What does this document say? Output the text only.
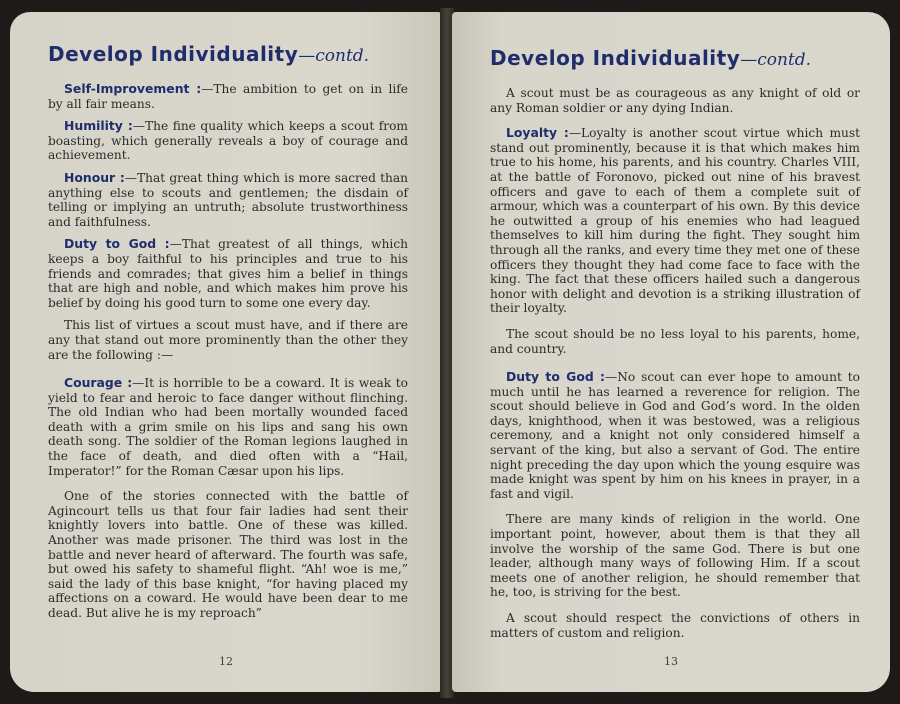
Develop Individuality—contd.

Self-Improvement :—The ambition to get on in life by all fair means.

Humility :—The fine quality which keeps a scout from boasting, which generally reveals a boy of courage and achievement.

Honour :—That great thing which is more sacred than anything else to scouts and gentlemen; the disdain of telling or implying an untruth; absolute trustworthiness and faithfulness.

Duty to God :—That greatest of all things, which keeps a boy faithful to his principles and true to his friends and comrades; that gives him a belief in things that are high and noble, and which makes him prove his belief by doing his good turn to some one every day.

This list of virtues a scout must have, and if there are any that stand out more prominently than the other they are the following :—

Courage :—It is horrible to be a coward. It is weak to yield to fear and heroic to face danger without flinching. The old Indian who had been mortally wounded faced death with a grim smile on his lips and sang his own death song. The soldier of the Roman legions laughed in the face of death, and died often with a “Hail, Imperator!” for the Roman Cæsar upon his lips.

One of the stories connected with the battle of Agincourt tells us that four fair ladies had sent their knightly lovers into battle. One of these was killed. Another was made prisoner. The third was lost in the battle and never heard of afterward. The fourth was safe, but owed his safety to shameful flight. “Ah! woe is me,” said the lady of this base knight, “for having placed my affections on a coward. He would have been dear to me dead. But alive he is my reproach”

12
Develop Individuality—contd.

A scout must be as courageous as any knight of old or any Roman soldier or any dying Indian.

Loyalty :—Loyalty is another scout virtue which must stand out prominently, because it is that which makes him true to his home, his parents, and his country. Charles VIII, at the battle of Foronovo, picked out nine of his bravest officers and gave to each of them a complete suit of armour, which was a counterpart of his own. By this device he outwitted a group of his enemies who had leagued themselves to kill him during the fight. They sought him through all the ranks, and every time they met one of these officers they thought they had come face to face with the king. The fact that these officers hailed such a dangerous honor with delight and devotion is a striking illustration of their loyalty.

The scout should be no less loyal to his parents, home, and country.

Duty to God :—No scout can ever hope to amount to much until he has learned a reverence for religion. The scout should believe in God and God’s word. In the olden days, knighthood, when it was bestowed, was a religious ceremony, and a knight not only considered himself a servant of the king, but also a servant of God. The entire night preceding the day upon which the young esquire was made knight was spent by him on his knees in prayer, in a fast and vigil.

There are many kinds of religion in the world. One important point, however, about them is that they all involve the worship of the same God. There is but one leader, although many ways of following Him. If a scout meets one of another religion, he should remember that he, too, is striving for the best.

A scout should respect the convictions of others in matters of custom and religion.

13
